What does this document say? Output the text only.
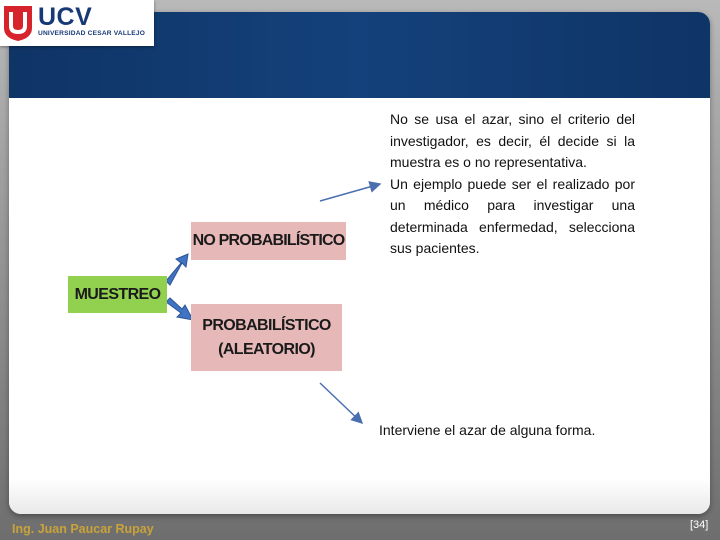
UCV
UNIVERSIDAD CESAR VALLEJO
NO PROBABILÍSTICO
MUESTREO
PROBABILÍSTICO
(ALEATORIO)

No se usa el azar, sino el criterio del investigador, es decir, él decide si la muestra es o no representativa.

Un ejemplo puede ser el realizado por un médico para investigar una determinada enfermedad, selecciona sus pacientes.

Interviene el azar de alguna forma.
Ing. Juan Paucar Rupay	[34]
